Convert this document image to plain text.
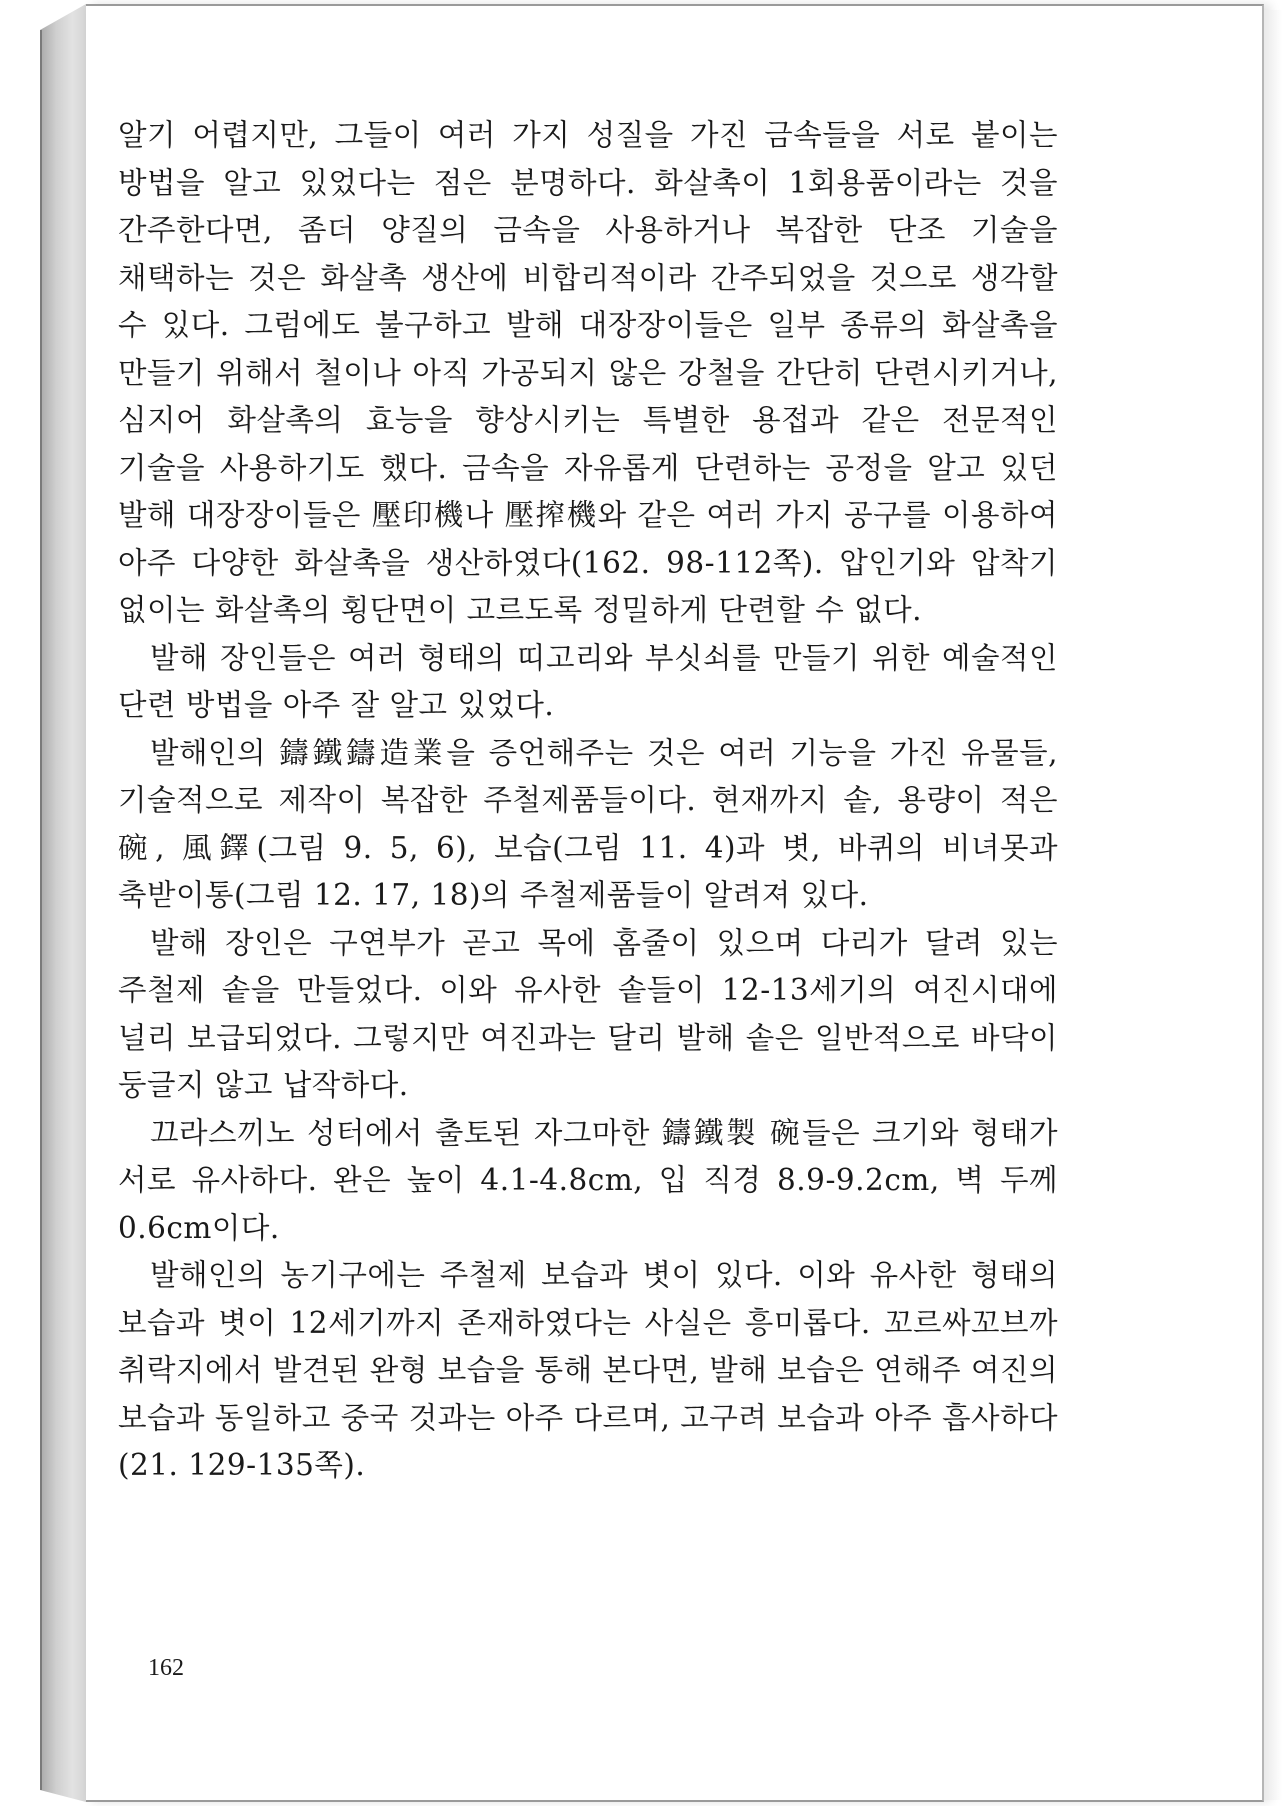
알기 어렵지만, 그들이 여러 가지 성질을 가진 금속들을 서로 붙이는 방법을 알고 있었다는 점은 분명하다. 화살촉이 1회용품이라는 것을 간주한다면, 좀더 양질의 금속을 사용하거나 복잡한 단조 기술을 채택하는 것은 화살촉 생산에 비합리적이라 간주되었을 것으로 생각할 수 있다. 그럼에도 불구하고 발해 대장장이들은 일부 종류의 화살촉을 만들기 위해서 철이나 아직 가공되지 않은 강철을 간단히 단련시키거나, 심지어 화살촉의 효능을 향상시키는 특별한 용접과 같은 전문적인 기술을 사용하기도 했다. 금속을 자유롭게 단련하는 공정을 알고 있던 발해 대장장이들은 壓印機나 壓搾機와 같은 여러 가지 공구를 이용하여 아주 다양한 화살촉을 생산하였다(162. 98-112쪽). 압인기와 압착기 없이는 화살촉의 횡단면이 고르도록 정밀하게 단련할 수 없다.

발해 장인들은 여러 형태의 띠고리와 부싯쇠를 만들기 위한 예술적인 단련 방법을 아주 잘 알고 있었다.

발해인의 鑄鐵鑄造業을 증언해주는 것은 여러 기능을 가진 유물들, 기술적으로 제작이 복잡한 주철제품들이다. 현재까지 솥, 용량이 적은 碗, 風鐸(그림 9. 5, 6), 보습(그림 11. 4)과 볏, 바퀴의 비녀못과 축받이통(그림 12. 17, 18)의 주철제품들이 알려져 있다.

발해 장인은 구연부가 곧고 목에 홈줄이 있으며 다리가 달려 있는 주철제 솥을 만들었다. 이와 유사한 솥들이 12-13세기의 여진시대에 널리 보급되었다. 그렇지만 여진과는 달리 발해 솥은 일반적으로 바닥이 둥글지 않고 납작하다.

끄라스끼노 성터에서 출토된 자그마한 鑄鐵製 碗들은 크기와 형태가 서로 유사하다. 완은 높이 4.1-4.8cm, 입 직경 8.9-9.2cm, 벽 두께 0.6cm이다.

발해인의 농기구에는 주철제 보습과 볏이 있다. 이와 유사한 형태의 보습과 볏이 12세기까지 존재하였다는 사실은 흥미롭다. 꼬르싸꼬브까 취락지에서 발견된 완형 보습을 통해 본다면, 발해 보습은 연해주 여진의 보습과 동일하고 중국 것과는 아주 다르며, 고구려 보습과 아주 흡사하다(21. 129-135쪽).

162
